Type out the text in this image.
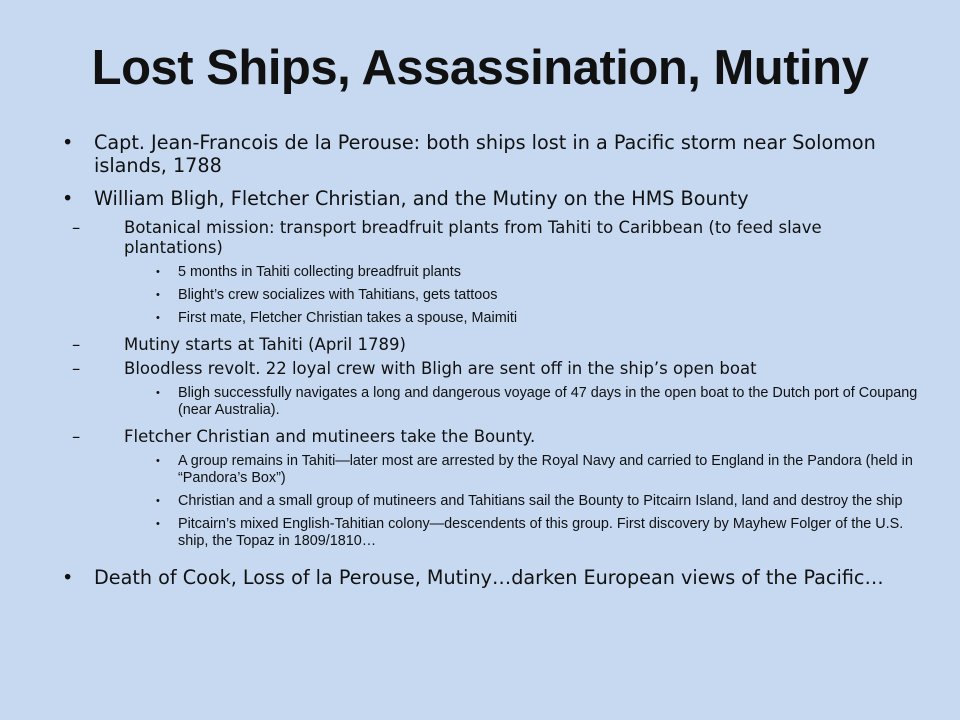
Lost Ships, Assassination, Mutiny
• Capt. Jean-Francois de la Perouse: both ships lost in a Pacific storm near Solomon islands, 1788
• William Bligh, Fletcher Christian, and the Mutiny on the HMS Bounty
–	Botanical mission: transport breadfruit plants from Tahiti to Caribbean (to feed slave plantations)
• 5 months in Tahiti collecting breadfruit plants
• Blight’s crew socializes with Tahitians, gets tattoos
• First mate, Fletcher Christian takes a spouse, Maimiti
–	Mutiny starts at Tahiti (April 1789)
–	Bloodless revolt. 22 loyal crew with Bligh are sent off in the ship’s open boat
• Bligh successfully navigates a long and dangerous voyage of 47 days in the open boat to the Dutch port of Coupang (near Australia).
–	Fletcher Christian and mutineers take the Bounty.
• A group remains in Tahiti—later most are arrested by the Royal Navy and carried to England in the Pandora (held in “Pandora’s Box”)
• Christian and a small group of mutineers and Tahitians sail the Bounty to Pitcairn Island, land and destroy the ship
• Pitcairn’s mixed English-Tahitian colony—descendents of this group. First discovery by Mayhew Folger of the U.S. ship, the Topaz in 1809/1810…
• Death of Cook, Loss of la Perouse, Mutiny…darken European views of the Pacific…
